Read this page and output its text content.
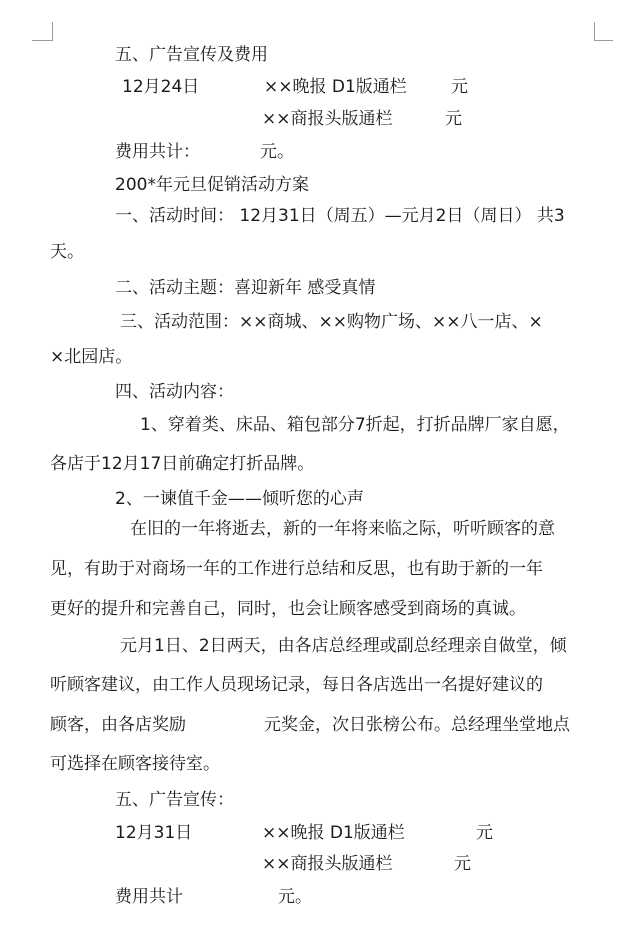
五、广告宣传及费用
12月24日	××晚报 D1版通栏	元
××商报头版通栏	元
费用共计：	元。
200*年元旦促销活动方案
一、活动时间： 12月31日（周五）—元月2日（周日） 共3
天。
二、活动主题：喜迎新年 感受真情
三、活动范围：××商城、××购物广场、××八一店、×
×北园店。
四、活动内容：
1、穿着类、床品、箱包部分7折起，打折品牌厂家自愿，
各店于12月17日前确定打折品牌。
2、一谏值千金——倾听您的心声
在旧的一年将逝去，新的一年将来临之际，听听顾客的意
见，有助于对商场一年的工作进行总结和反思，也有助于新的一年
更好的提升和完善自己，同时，也会让顾客感受到商场的真诚。
元月1日、2日两天，由各店总经理或副总经理亲自做堂，倾
听顾客建议，由工作人员现场记录，每日各店选出一名提好建议的
顾客，由各店奖励	元奖金，次日张榜公布。总经理坐堂地点
可选择在顾客接待室。
五、广告宣传：
12月31日	××晚报 D1版通栏	元
××商报头版通栏	元
费用共计	元。
